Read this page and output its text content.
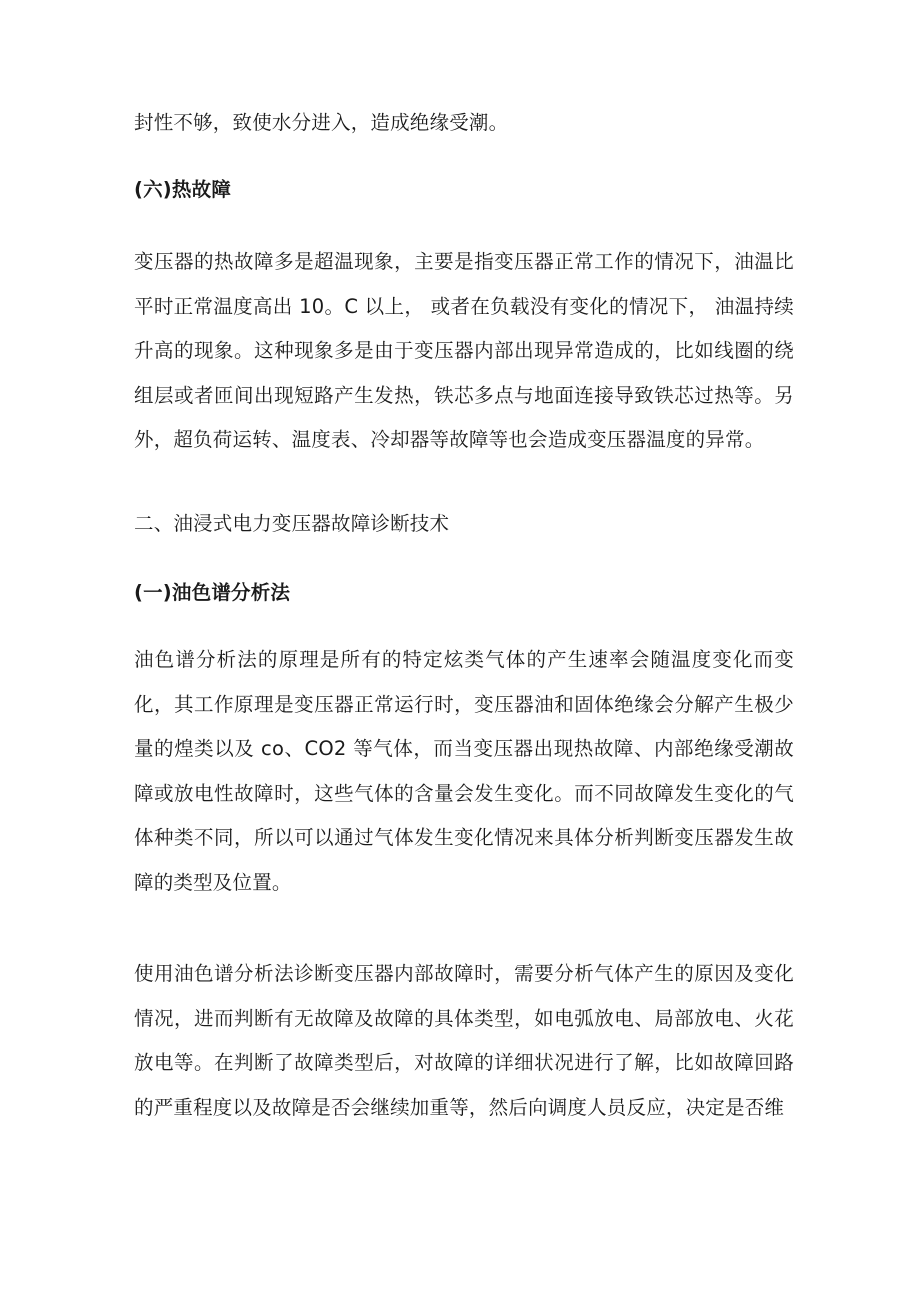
封性不够，致使水分进入，造成绝缘受潮。

(六)热故障

变压器的热故障多是超温现象，主要是指变压器正常工作的情况下，油温比平时正常温度高出 10。C 以上， 或者在负载没有变化的情况下， 油温持续升高的现象。这种现象多是由于变压器内部出现异常造成的，比如线圈的绕组层或者匝间出现短路产生发热，铁芯多点与地面连接导致铁芯过热等。另外，超负荷运转、温度表、冷却器等故障等也会造成变压器温度的异常。

二、油浸式电力变压器故障诊断技术

(一)油色谱分析法

油色谱分析法的原理是所有的特定炫类气体的产生速率会随温度变化而变化，其工作原理是变压器正常运行时，变压器油和固体绝缘会分解产生极少量的煌类以及 co、CO2 等气体，而当变压器出现热故障、内部绝缘受潮故障或放电性故障时，这些气体的含量会发生变化。而不同故障发生变化的气体种类不同，所以可以通过气体发生变化情况来具体分析判断变压器发生故障的类型及位置。

使用油色谱分析法诊断变压器内部故障时，需要分析气体产生的原因及变化情况，进而判断有无故障及故障的具体类型，如电弧放电、局部放电、火花放电等。在判断了故障类型后，对故障的详细状况进行了解，比如故障回路的严重程度以及故障是否会继续加重等，然后向调度人员反应，决定是否维
